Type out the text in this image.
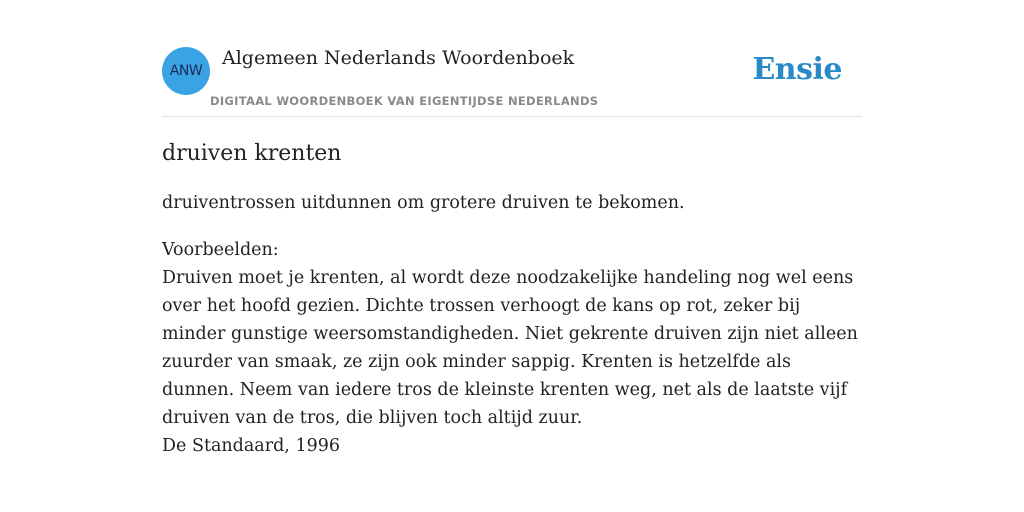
ANW
Algemeen Nederlands Woordenboek
DIGITAAL WOORDENBOEK VAN EIGENTIJDSE NEDERLANDS
Ensie
druiven krenten

druiventrossen uitdunnen om grotere druiven te bekomen.

Voorbeelden:
Druiven moet je krenten, al wordt deze noodzakelijke handeling nog wel eens over het hoofd gezien. Dichte trossen verhoogt de kans op rot, zeker bij minder gunstige weersomstandigheden. Niet gekrente druiven zijn niet alleen zuurder van smaak, ze zijn ook minder sappig. Krenten is hetzelfde als dunnen. Neem van iedere tros de kleinste krenten weg, net als de laatste vijf druiven van de tros, die blijven toch altijd zuur.
De Standaard, 1996
